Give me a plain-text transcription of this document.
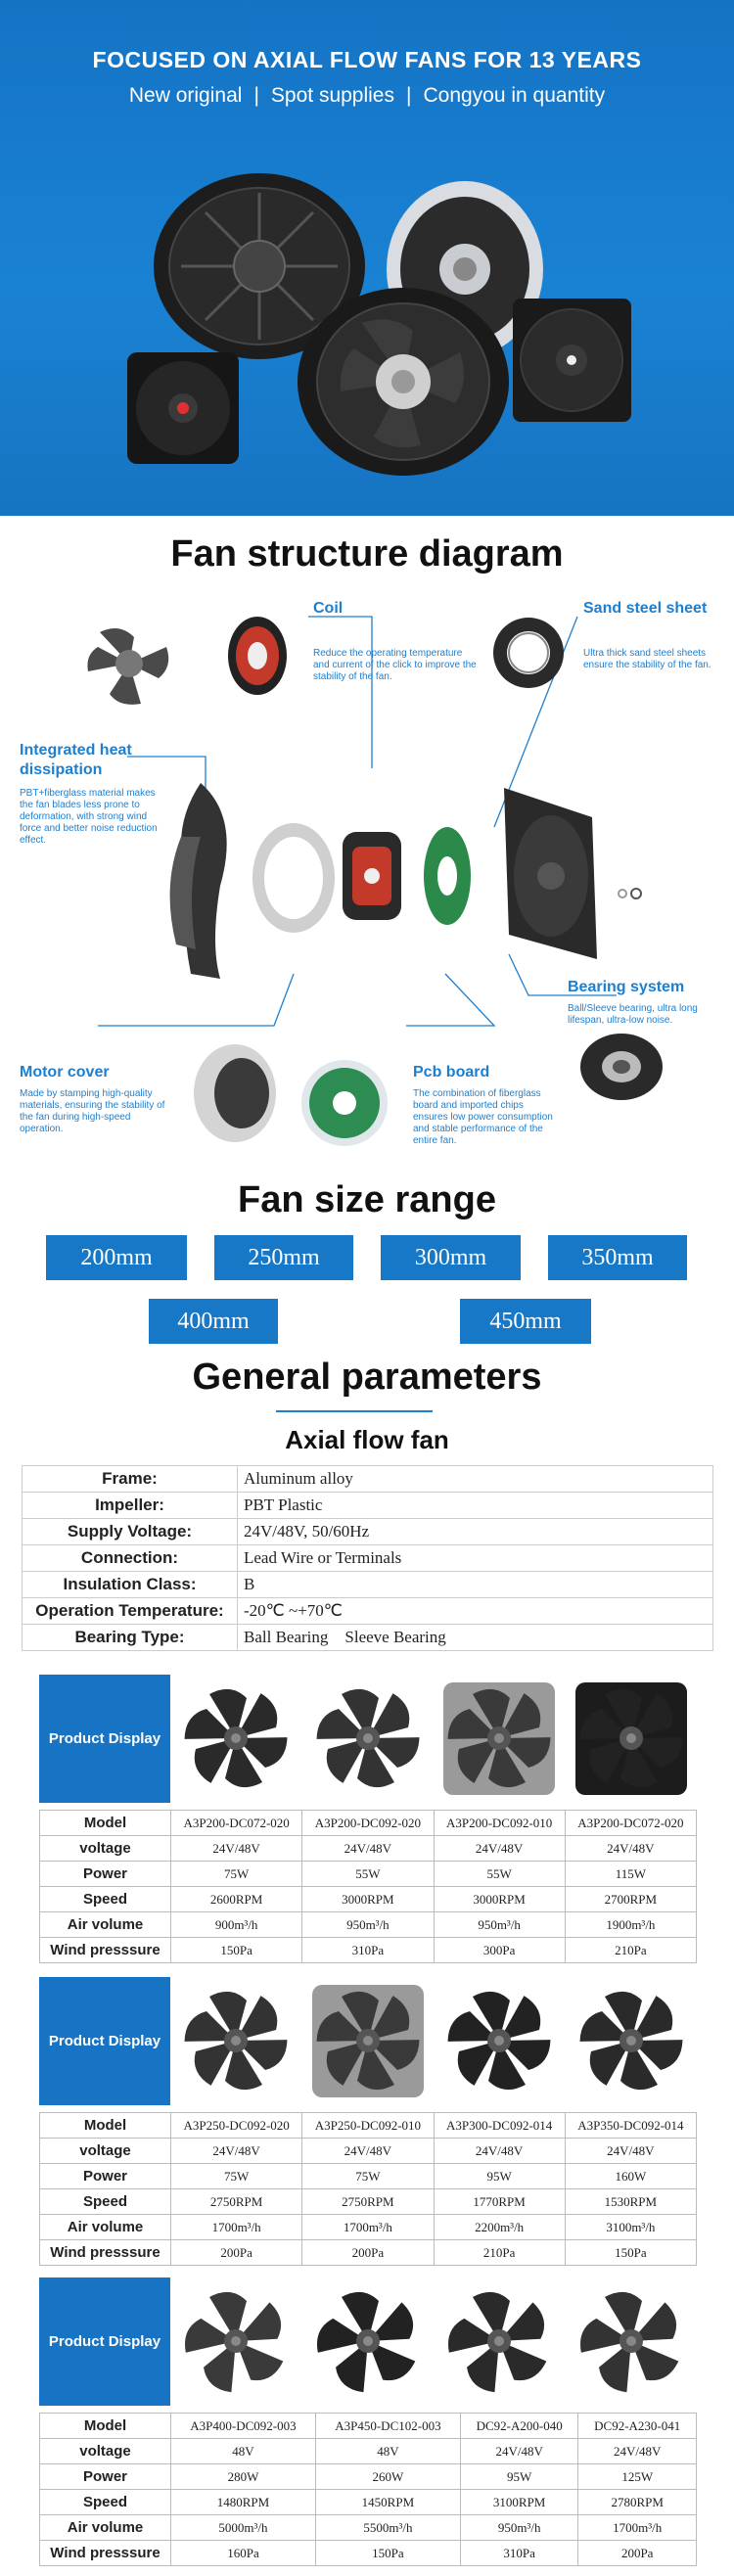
FOCUSED ON AXIAL FLOW FANS FOR 13 YEARS
New original | Spot supplies | Congyou in quantity
Fan structure diagram
Coil
Reduce the operating temperature and current of the click to improve the stability of the fan.
Sand steel sheet
Ultra thick sand steel sheets ensure the stability of the fan.
Integrated heat dissipation
PBT+fiberglass material makes the fan blades less prone to deformation, with strong wind force and better noise reduction effect.
Bearing system
Ball/Sleeve bearing, ultra long lifespan, ultra-low noise.
Motor cover
Made by stamping high-quality materials, ensuring the stability of the fan during high-speed operation.
Pcb board
The combination of fiberglass board and imported chips ensures low power consumption and stable performance of the entire fan.
Fan size range
200mm	250mm	300mm	350mm
400mm	450mm
General parameters
Axial flow fan
Frame:	Aluminum alloy
Impeller:	PBT Plastic
Supply Voltage:	24V/48V, 50/60Hz
Connection:	Lead Wire or Terminals
Insulation Class:	B
Operation Temperature:	-20℃ ~+70℃
Bearing Type:	Ball Bearing    Sleeve Bearing
Product Display
Model	A3P200-DC072-020	A3P200-DC092-020	A3P200-DC092-010	A3P200-DC072-020
voltage	24V/48V	24V/48V	24V/48V	24V/48V
Power	75W	55W	55W	115W
Speed	2600RPM	3000RPM	3000RPM	2700RPM
Air volume	900m³/h	950m³/h	950m³/h	1900m³/h
Wind presssure	150Pa	310Pa	300Pa	210Pa
Product Display
Model	A3P250-DC092-020	A3P250-DC092-010	A3P300-DC092-014	A3P350-DC092-014
voltage	24V/48V	24V/48V	24V/48V	24V/48V
Power	75W	75W	95W	160W
Speed	2750RPM	2750RPM	1770RPM	1530RPM
Air volume	1700m³/h	1700m³/h	2200m³/h	3100m³/h
Wind presssure	200Pa	200Pa	210Pa	150Pa
Product Display
Model	A3P400-DC092-003	A3P450-DC102-003	DC92-A200-040	DC92-A230-041
voltage	48V	48V	24V/48V	24V/48V
Power	280W	260W	95W	125W
Speed	1480RPM	1450RPM	3100RPM	2780RPM
Air volume	5000m³/h	5500m³/h	950m³/h	1700m³/h
Wind presssure	160Pa	150Pa	310Pa	200Pa
